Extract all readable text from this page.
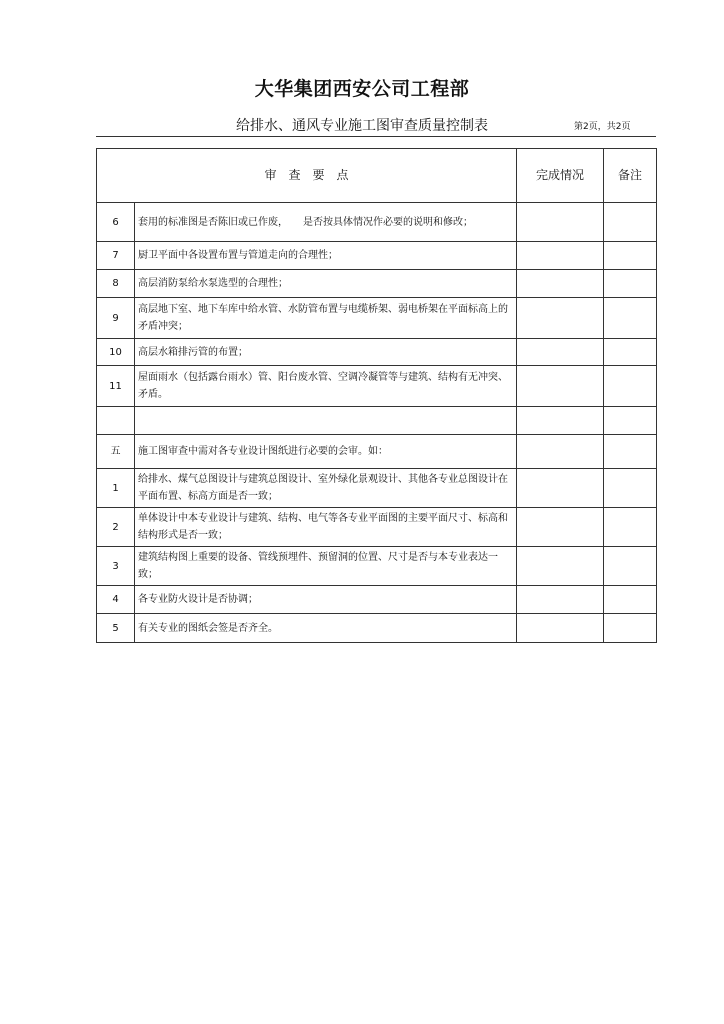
大华集团西安公司工程部
给排水、通风专业施工图审查质量控制表	第2页，共2页
审　查　要　点		完成情况	备注
6	套用的标准图是否陈旧或已作废，　　是否按具体情况作必要的说明和修改；		
7	厨卫平面中各设置布置与管道走向的合理性；		
8	高层消防泵给水泵选型的合理性；		
9	高层地下室、地下车库中给水管、水防管布置与电缆桥架、弱电桥架在平面标高上的矛盾冲突；		
10	高层水箱排污管的布置；		
11	屋面雨水（包括露台雨水）管、阳台废水管、空调冷凝管等与建筑、结构有无冲突、矛盾。		

五	施工图审查中需对各专业设计图纸进行必要的会审。如：		
1	给排水、煤气总图设计与建筑总图设计、室外绿化景观设计、其他各专业总图设计在平面布置、标高方面是否一致；		
2	单体设计中本专业设计与建筑、结构、电气等各专业平面图的主要平面尺寸、标高和结构形式是否一致；		
3	建筑结构图上重要的设备、管线预埋件、预留洞的位置、尺寸是否与本专业表达一致；		
4	各专业防火设计是否协调；		
5	有关专业的图纸会签是否齐全。		
